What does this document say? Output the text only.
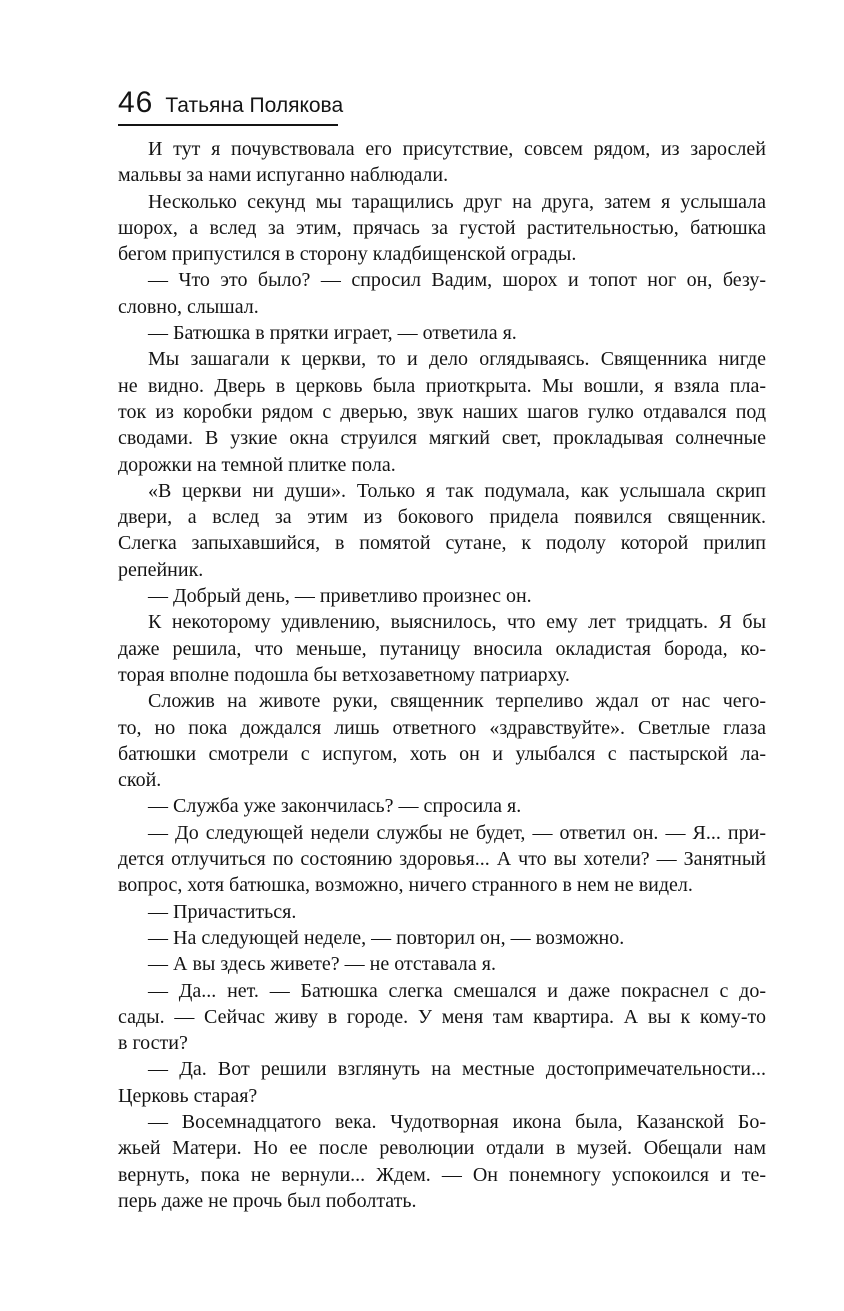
46 Татьяна Полякова
И тут я почувствовала его присутствие, совсем рядом, из зарослей
мальвы за нами испуганно наблюдали.
Несколько секунд мы таращились друг на друга, затем я услышала
шорох, а вслед за этим, прячась за густой растительностью, батюшка
бегом припустился в сторону кладбищенской ограды.
— Что это было? — спросил Вадим, шорох и топот ног он, безу-
словно, слышал.
— Батюшка в прятки играет, — ответила я.
Мы зашагали к церкви, то и дело оглядываясь. Священника нигде
не видно. Дверь в церковь была приоткрыта. Мы вошли, я взяла пла-
ток из коробки рядом с дверью, звук наших шагов гулко отдавался под
сводами. В узкие окна струился мягкий свет, прокладывая солнечные
дорожки на темной плитке пола.
«В церкви ни души». Только я так подумала, как услышала скрип
двери, а вслед за этим из бокового придела появился священник.
Слегка запыхавшийся, в помятой сутане, к подолу которой прилип
репейник.
— Добрый день, — приветливо произнес он.
К некоторому удивлению, выяснилось, что ему лет тридцать. Я бы
даже решила, что меньше, путаницу вносила окладистая борода, ко-
торая вполне подошла бы ветхозаветному патриарху.
Сложив на животе руки, священник терпеливо ждал от нас чего-
то, но пока дождался лишь ответного «здравствуйте». Светлые глаза
батюшки смотрели с испугом, хоть он и улыбался с пастырской ла-
ской.
— Служба уже закончилась? — спросила я.
— До следующей недели службы не будет, — ответил он. — Я... при-
дется отлучиться по состоянию здоровья... А что вы хотели? — Занятный
вопрос, хотя батюшка, возможно, ничего странного в нем не видел.
— Причаститься.
— На следующей неделе, — повторил он, — возможно.
— А вы здесь живете? — не отставала я.
— Да... нет. — Батюшка слегка смешался и даже покраснел с до-
сады. — Сейчас живу в городе. У меня там квартира. А вы к кому-то
в гости?
— Да. Вот решили взглянуть на местные достопримечательности...
Церковь старая?
— Восемнадцатого века. Чудотворная икона была, Казанской Бо-
жьей Матери. Но ее после революции отдали в музей. Обещали нам
вернуть, пока не вернули... Ждем. — Он понемногу успокоился и те-
перь даже не прочь был поболтать.
